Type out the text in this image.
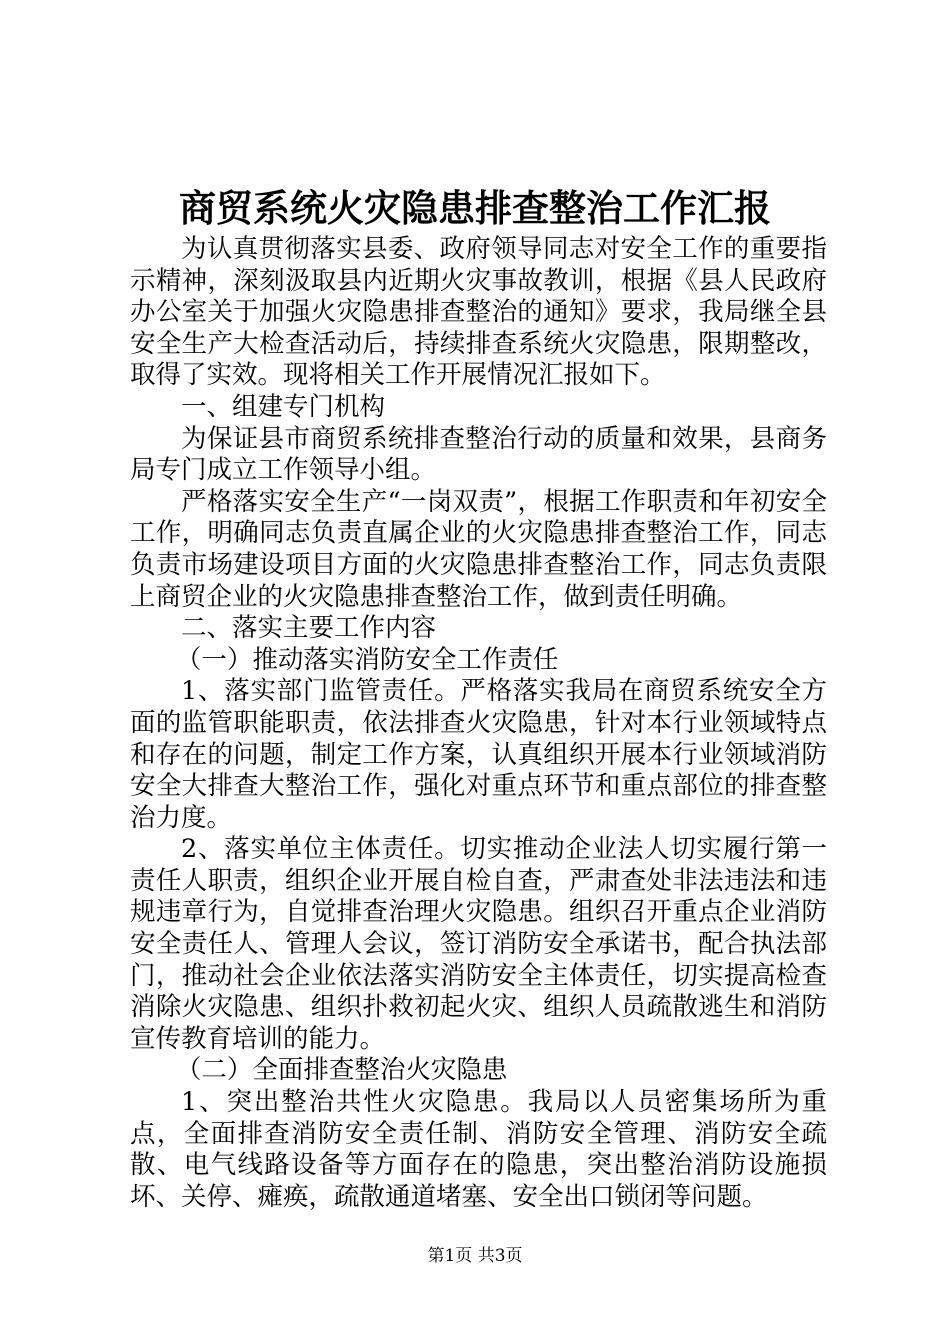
商贸系统火灾隐患排查整治工作汇报

为认真贯彻落实县委、政府领导同志对安全工作的重要指示精神，深刻汲取县内近期火灾事故教训，根据《县人民政府办公室关于加强火灾隐患排查整治的通知》要求，我局继全县安全生产大检查活动后，持续排查系统火灾隐患，限期整改，取得了实效。现将相关工作开展情况汇报如下。

一、组建专门机构

为保证县市商贸系统排查整治行动的质量和效果，县商务局专门成立工作领导小组。

严格落实安全生产“一岗双责”，根据工作职责和年初安全工作，明确同志负责直属企业的火灾隐患排查整治工作，同志负责市场建设项目方面的火灾隐患排查整治工作，同志负责限上商贸企业的火灾隐患排查整治工作，做到责任明确。

二、落实主要工作内容

（一）推动落实消防安全工作责任

1、落实部门监管责任。严格落实我局在商贸系统安全方面的监管职能职责，依法排查火灾隐患，针对本行业领域特点和存在的问题，制定工作方案，认真组织开展本行业领域消防安全大排查大整治工作，强化对重点环节和重点部位的排查整治力度。

2、落实单位主体责任。切实推动企业法人切实履行第一责任人职责，组织企业开展自检自查，严肃查处非法违法和违规违章行为，自觉排查治理火灾隐患。组织召开重点企业消防安全责任人、管理人会议，签订消防安全承诺书，配合执法部门，推动社会企业依法落实消防安全主体责任，切实提高检查消除火灾隐患、组织扑救初起火灾、组织人员疏散逃生和消防宣传教育培训的能力。

（二）全面排查整治火灾隐患

1、突出整治共性火灾隐患。我局以人员密集场所为重点，全面排查消防安全责任制、消防安全管理、消防安全疏散、电气线路设备等方面存在的隐患，突出整治消防设施损坏、关停、瘫痪，疏散通道堵塞、安全出口锁闭等问题。

第1页 共3页
